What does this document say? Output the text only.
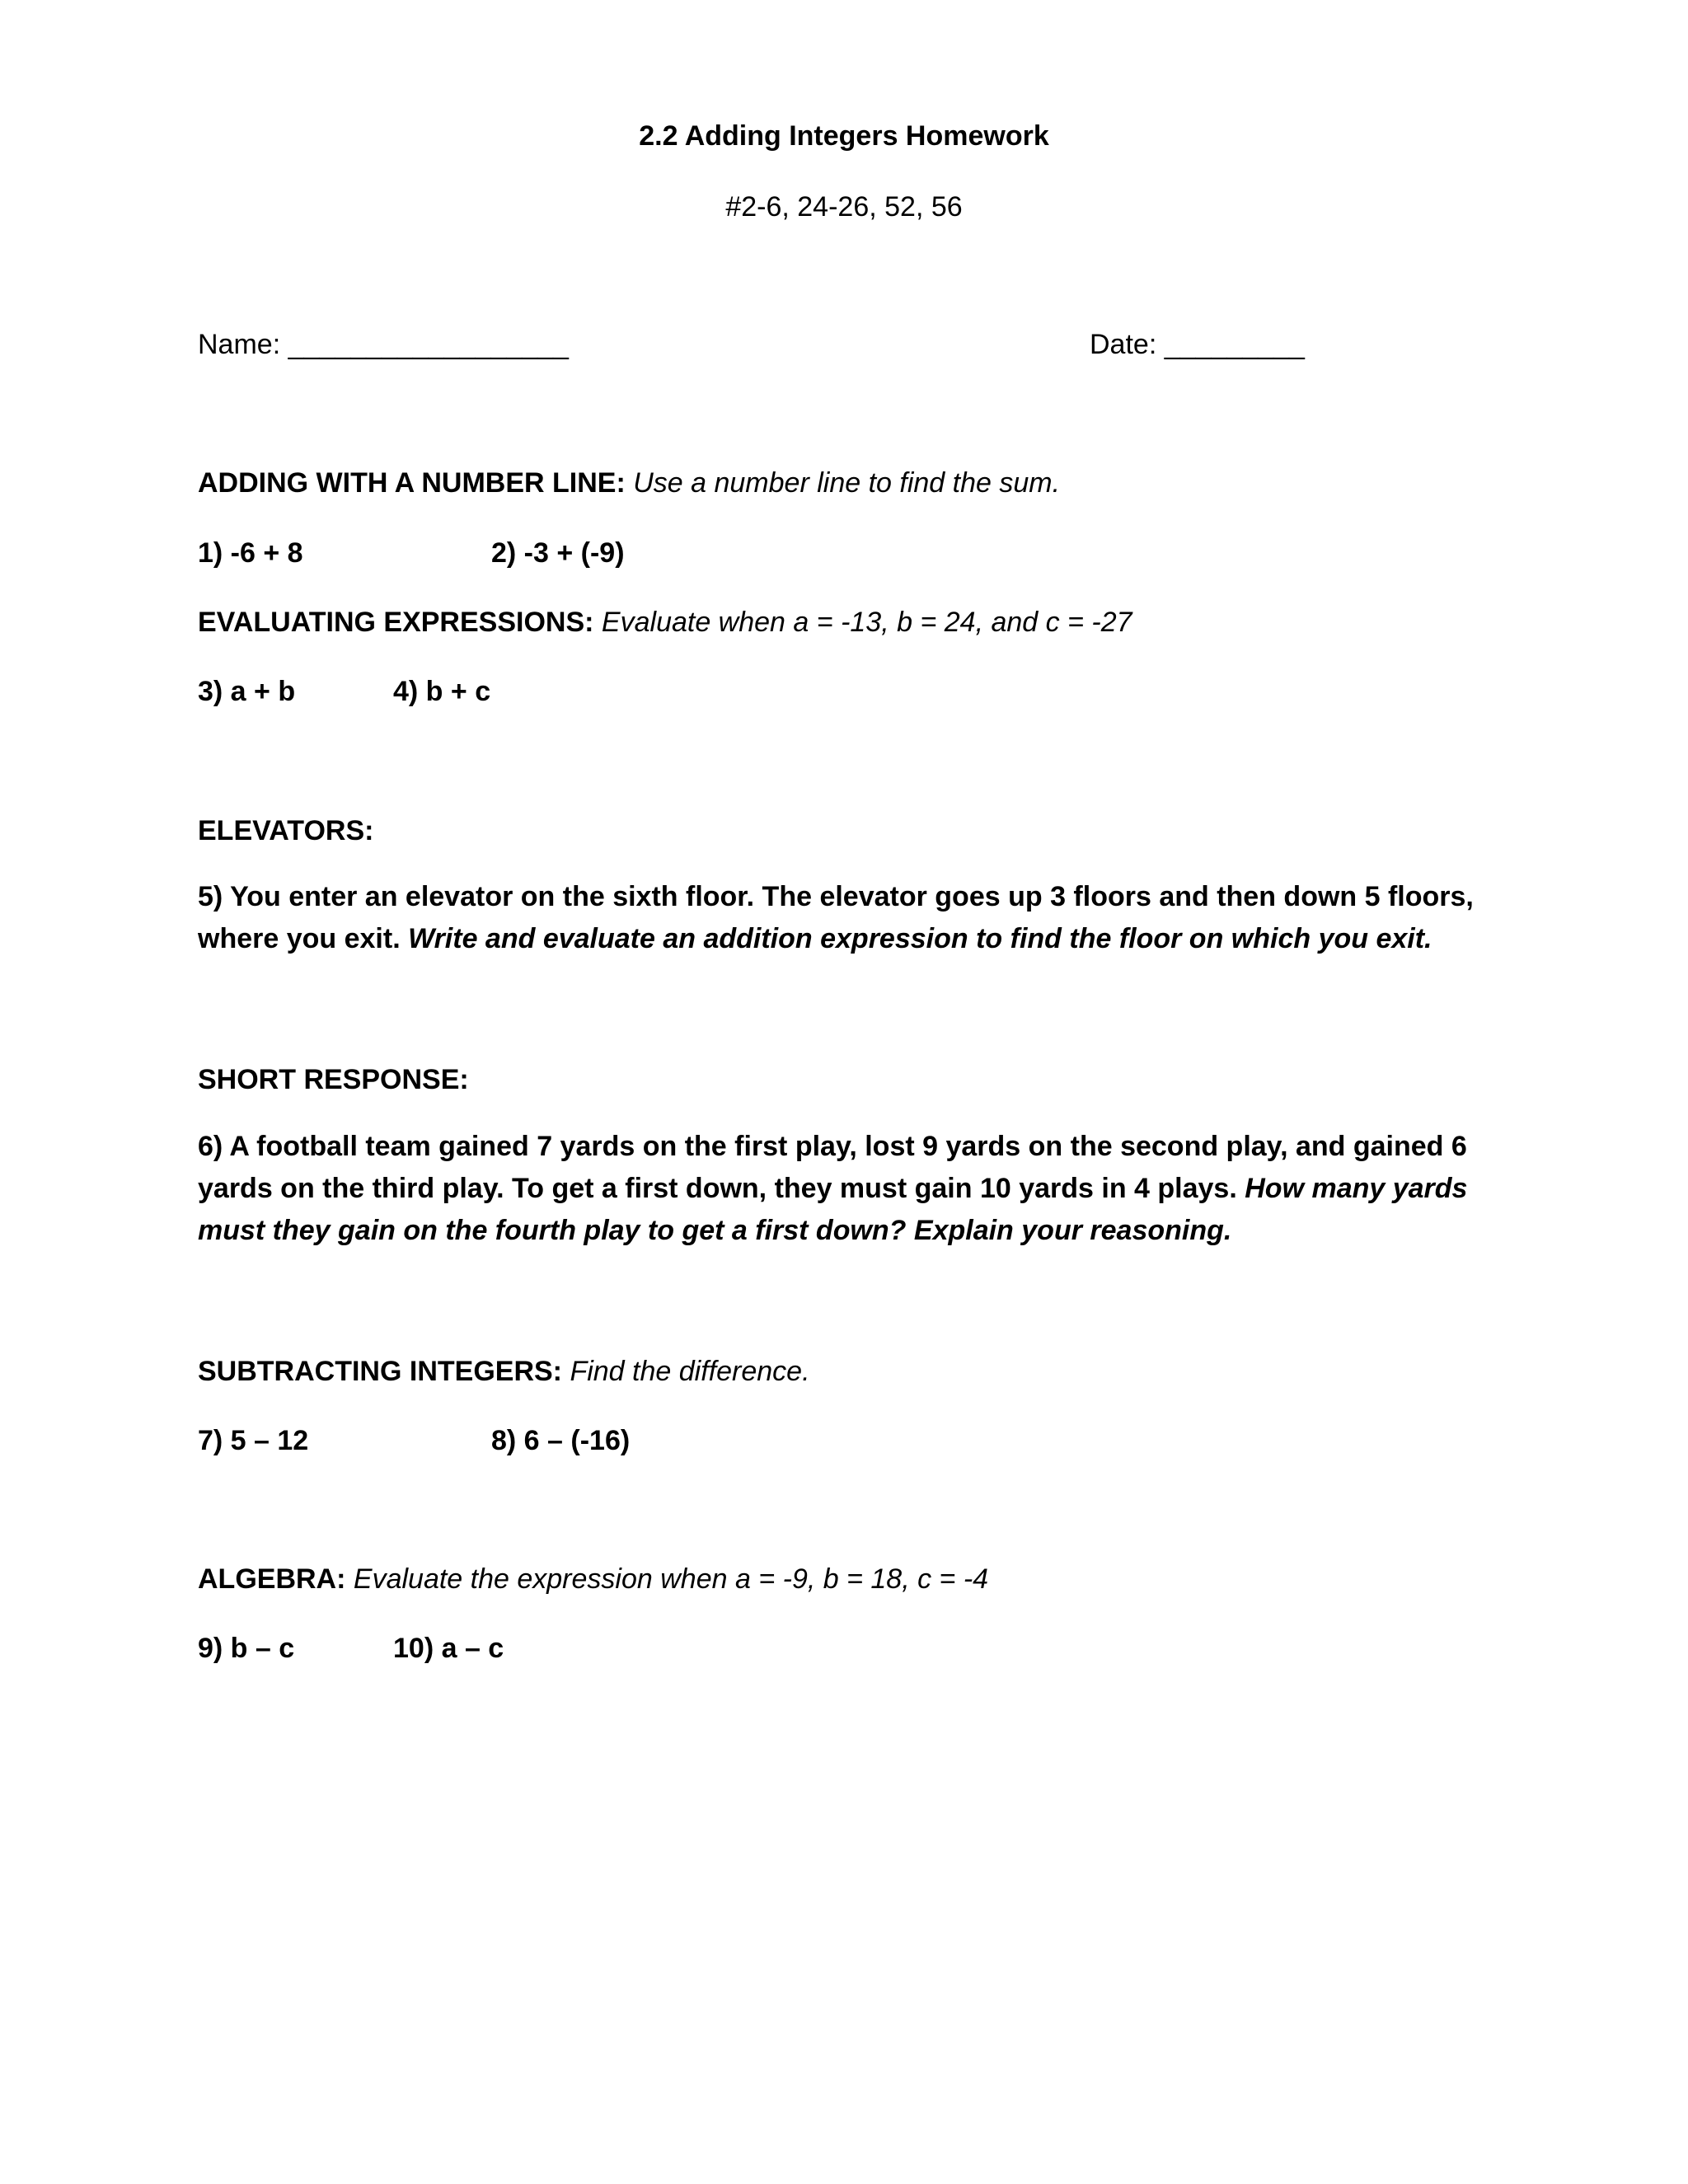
2.2 Adding Integers Homework
#2-6, 24-26, 52, 56
Name: __________________	Date: _________
ADDING WITH A NUMBER LINE: Use a number line to find the sum.
1) -6 + 8	2) -3 + (-9)
EVALUATING EXPRESSIONS: Evaluate when a = -13, b = 24, and c = -27
3) a + b	4) b + c
ELEVATORS:
5) You enter an elevator on the sixth floor. The elevator goes up 3 floors and then down 5 floors, where you exit. Write and evaluate an addition expression to find the floor on which you exit.
SHORT RESPONSE:
6) A football team gained 7 yards on the first play, lost 9 yards on the second play, and gained 6 yards on the third play. To get a first down, they must gain 10 yards in 4 plays. How many yards must they gain on the fourth play to get a first down? Explain your reasoning.
SUBTRACTING INTEGERS: Find the difference.
7) 5 – 12	8) 6 – (-16)
ALGEBRA: Evaluate the expression when a = -9, b = 18, c = -4
9) b – c	10) a – c
